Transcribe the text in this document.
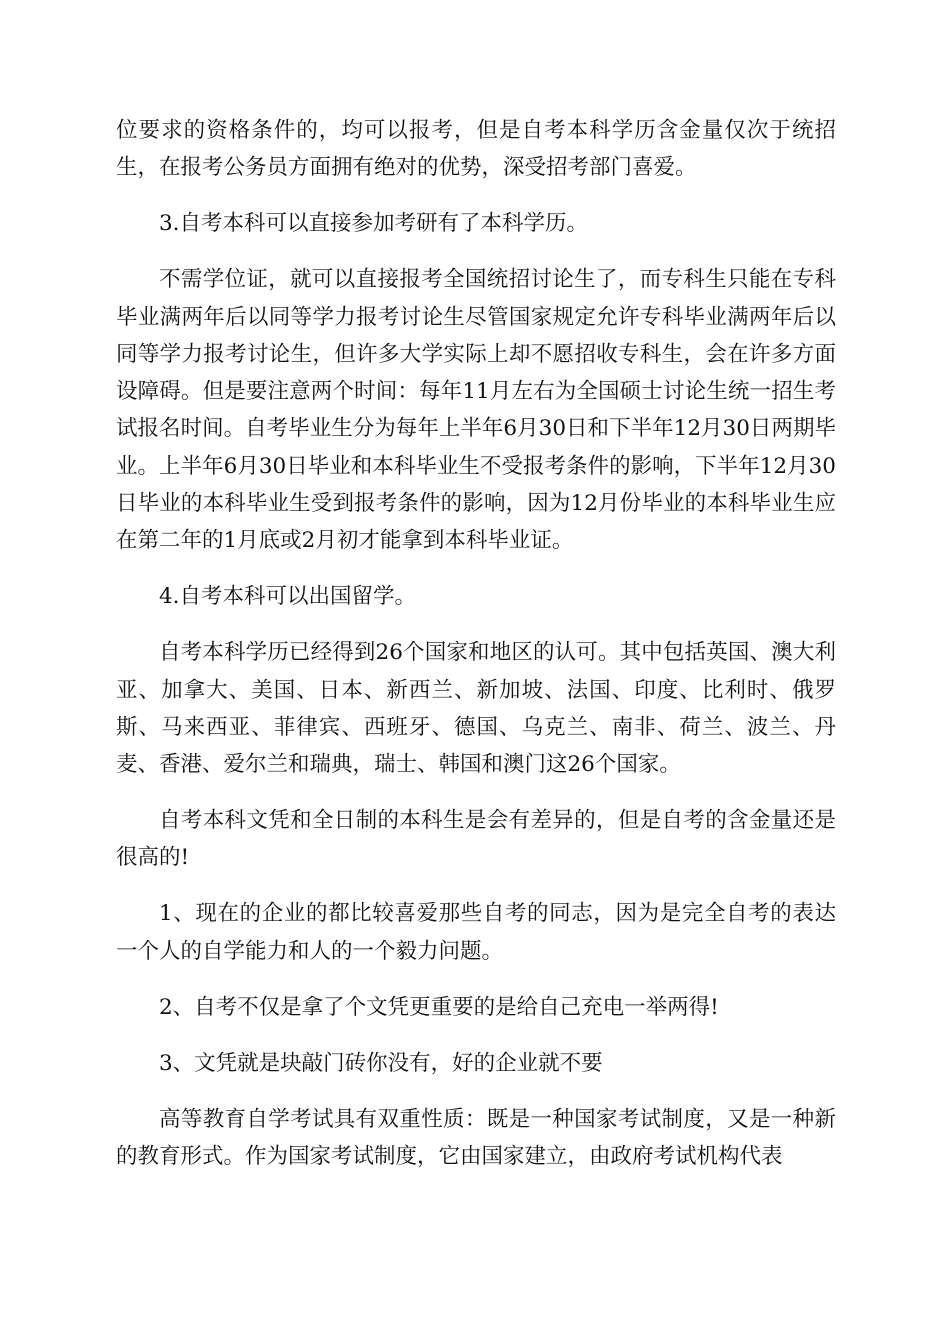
位要求的资格条件的，均可以报考，但是自考本科学历含金量仅次于统招生，在报考公务员方面拥有绝对的优势，深受招考部门喜爱。

3.自考本科可以直接参加考研有了本科学历。

不需学位证，就可以直接报考全国统招讨论生了，而专科生只能在专科毕业满两年后以同等学力报考讨论生尽管国家规定允许专科毕业满两年后以同等学力报考讨论生，但许多大学实际上却不愿招收专科生，会在许多方面设障碍。但是要注意两个时间：每年11月左右为全国硕士讨论生统一招生考试报名时间。自考毕业生分为每年上半年6月30日和下半年12月30日两期毕业。上半年6月30日毕业和本科毕业生不受报考条件的影响，下半年12月30日毕业的本科毕业生受到报考条件的影响，因为12月份毕业的本科毕业生应在第二年的1月底或2月初才能拿到本科毕业证。

4.自考本科可以出国留学。

自考本科学历已经得到26个国家和地区的认可。其中包括英国、澳大利亚、加拿大、美国、日本、新西兰、新加坡、法国、印度、比利时、俄罗斯、马来西亚、菲律宾、西班牙、德国、乌克兰、南非、荷兰、波兰、丹麦、香港、爱尔兰和瑞典，瑞士、韩国和澳门这26个国家。

自考本科文凭和全日制的本科生是会有差异的，但是自考的含金量还是很高的!

1、现在的企业的都比较喜爱那些自考的同志，因为是完全自考的表达一个人的自学能力和人的一个毅力问题。

2、自考不仅是拿了个文凭更重要的是给自己充电一举两得!

3、文凭就是块敲门砖你没有，好的企业就不要

高等教育自学考试具有双重性质：既是一种国家考试制度，又是一种新的教育形式。作为国家考试制度，它由国家建立，由政府考试机构代表
